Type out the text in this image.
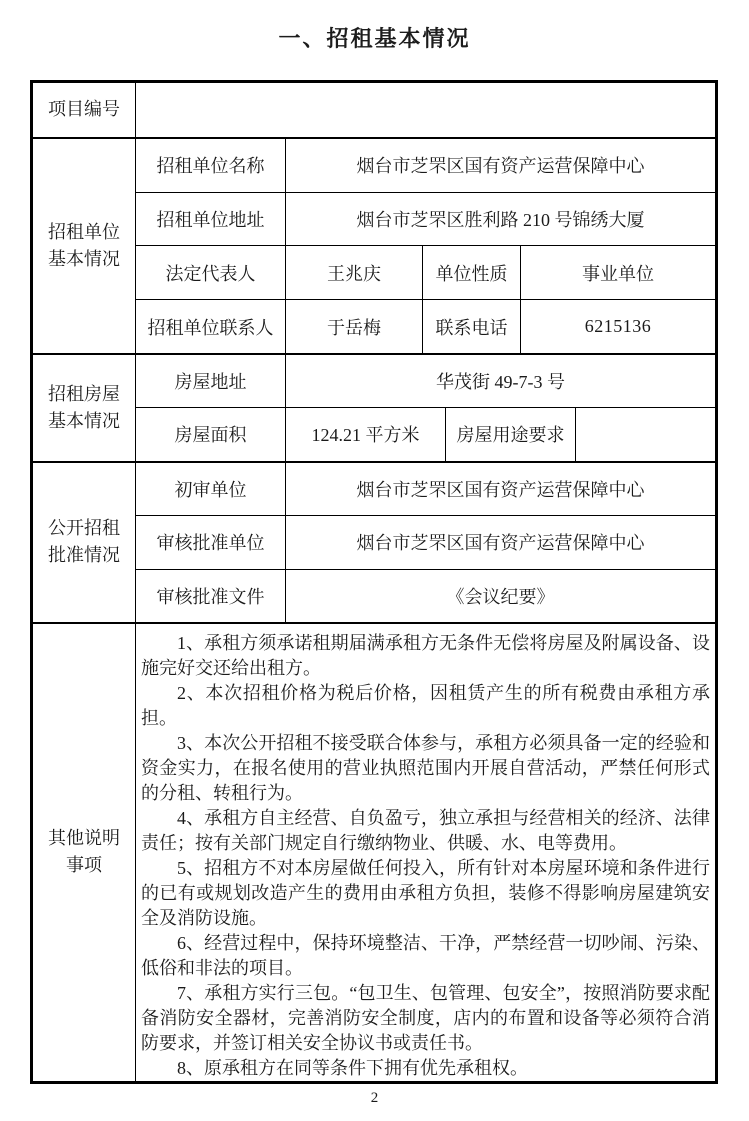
一、招租基本情况
项目编号
招租单位基本情况
招租单位名称	烟台市芝罘区国有资产运营保障中心
招租单位地址	烟台市芝罘区胜利路 210 号锦绣大厦
法定代表人	王兆庆	单位性质	事业单位
招租单位联系人	于岳梅	联系电话	6215136
招租房屋基本情况
房屋地址	华茂街 49-7-3 号
房屋面积	124.21 平方米	房屋用途要求
公开招租批准情况
初审单位	烟台市芝罘区国有资产运营保障中心
审核批准单位	烟台市芝罘区国有资产运营保障中心
审核批准文件	《会议纪要》
其他说明事项

1、承租方须承诺租期届满承租方无条件无偿将房屋及附属设备、设施完好交还给出租方。

2、本次招租价格为税后价格，因租赁产生的所有税费由承租方承担。

3、本次公开招租不接受联合体参与，承租方必须具备一定的经验和资金实力，在报名使用的营业执照范围内开展自营活动，严禁任何形式的分租、转租行为。

4、承租方自主经营、自负盈亏，独立承担与经营相关的经济、法律责任；按有关部门规定自行缴纳物业、供暖、水、电等费用。

5、招租方不对本房屋做任何投入，所有针对本房屋环境和条件进行的已有或规划改造产生的费用由承租方负担，装修不得影响房屋建筑安全及消防设施。

6、经营过程中，保持环境整洁、干净，严禁经营一切吵闹、污染、低俗和非法的项目。

7、承租方实行三包。“包卫生、包管理、包安全”，按照消防要求配备消防安全器材，完善消防安全制度，店内的布置和设备等必须符合消防要求，并签订相关安全协议书或责任书。

8、原承租方在同等条件下拥有优先承租权。

2
